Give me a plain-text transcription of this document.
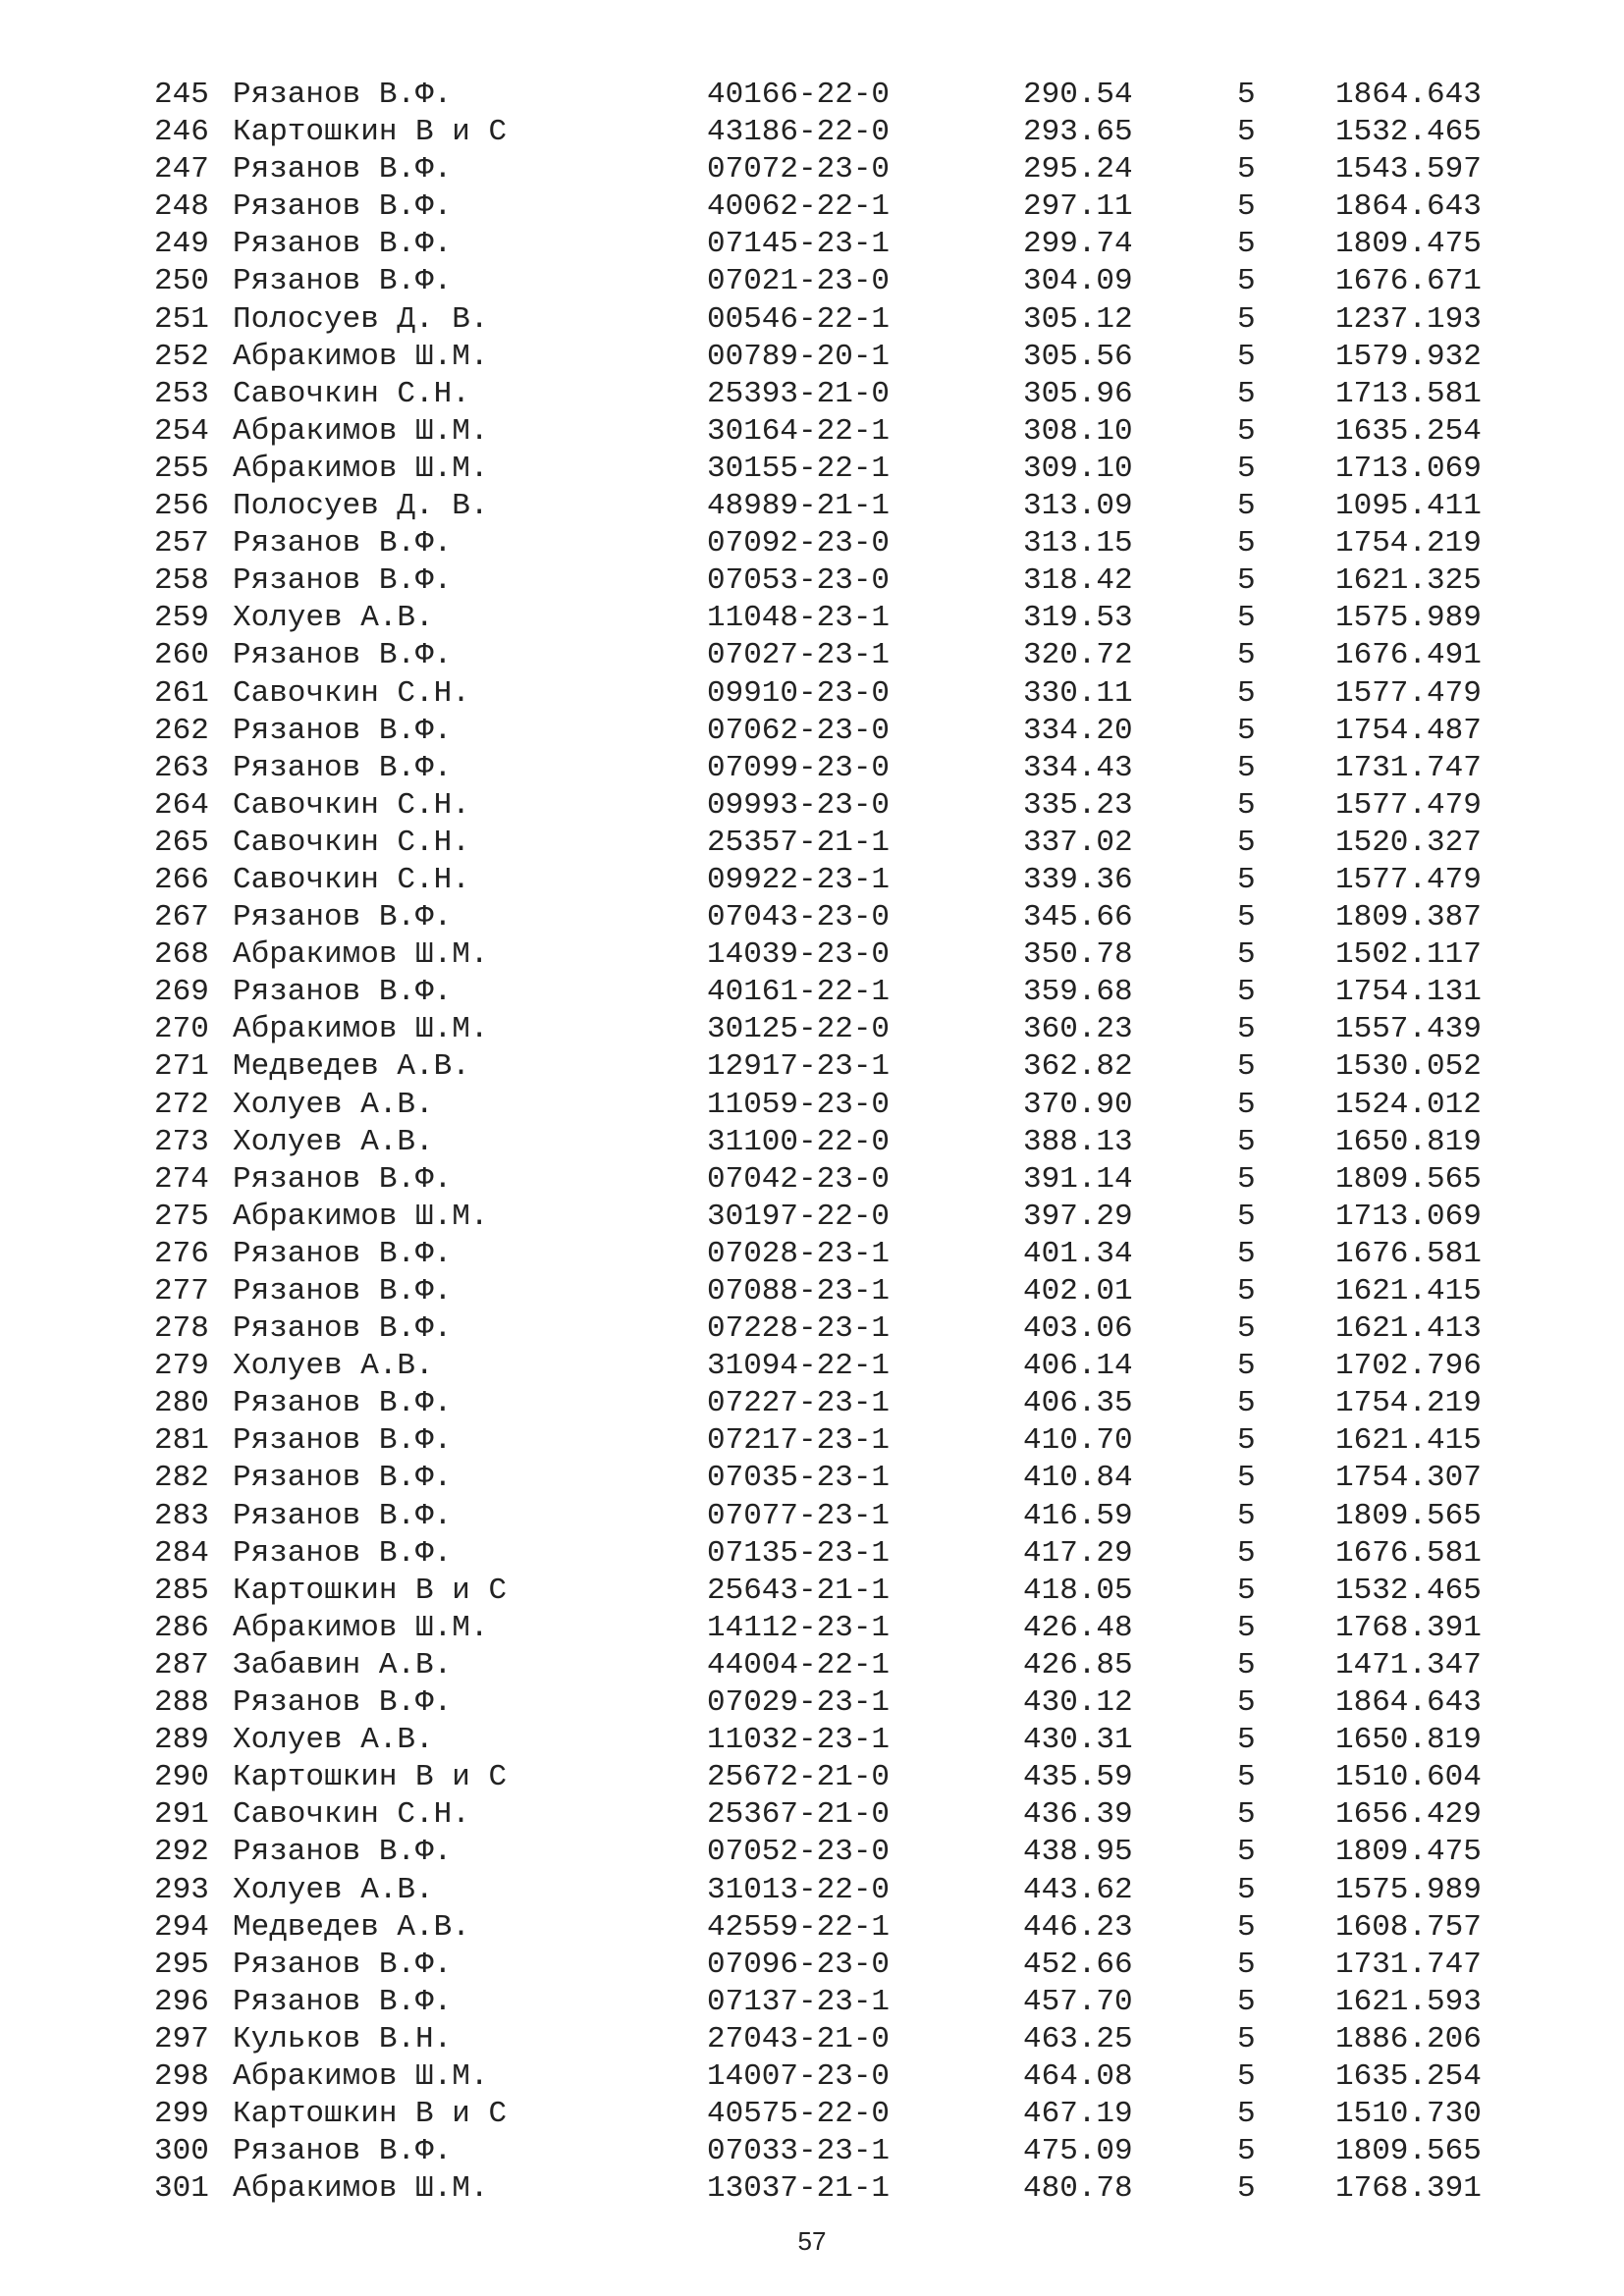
245 Рязанов В.Ф.	40166-22-0	290.54	5	1864.643
246 Картошкин В и С	43186-22-0	293.65	5	1532.465
247 Рязанов В.Ф.	07072-23-0	295.24	5	1543.597
248 Рязанов В.Ф.	40062-22-1	297.11	5	1864.643
249 Рязанов В.Ф.	07145-23-1	299.74	5	1809.475
250 Рязанов В.Ф.	07021-23-0	304.09	5	1676.671
251 Полосуев Д. В.	00546-22-1	305.12	5	1237.193
252 Абракимов Ш.М.	00789-20-1	305.56	5	1579.932
253 Савочкин С.Н.	25393-21-0	305.96	5	1713.581
254 Абракимов Ш.М.	30164-22-1	308.10	5	1635.254
255 Абракимов Ш.М.	30155-22-1	309.10	5	1713.069
256 Полосуев Д. В.	48989-21-1	313.09	5	1095.411
257 Рязанов В.Ф.	07092-23-0	313.15	5	1754.219
258 Рязанов В.Ф.	07053-23-0	318.42	5	1621.325
259 Холуев А.В.	11048-23-1	319.53	5	1575.989
260 Рязанов В.Ф.	07027-23-1	320.72	5	1676.491
261 Савочкин С.Н.	09910-23-0	330.11	5	1577.479
262 Рязанов В.Ф.	07062-23-0	334.20	5	1754.487
263 Рязанов В.Ф.	07099-23-0	334.43	5	1731.747
264 Савочкин С.Н.	09993-23-0	335.23	5	1577.479
265 Савочкин С.Н.	25357-21-1	337.02	5	1520.327
266 Савочкин С.Н.	09922-23-1	339.36	5	1577.479
267 Рязанов В.Ф.	07043-23-0	345.66	5	1809.387
268 Абракимов Ш.М.	14039-23-0	350.78	5	1502.117
269 Рязанов В.Ф.	40161-22-1	359.68	5	1754.131
270 Абракимов Ш.М.	30125-22-0	360.23	5	1557.439
271 Медведев А.В.	12917-23-1	362.82	5	1530.052
272 Холуев А.В.	11059-23-0	370.90	5	1524.012
273 Холуев А.В.	31100-22-0	388.13	5	1650.819
274 Рязанов В.Ф.	07042-23-0	391.14	5	1809.565
275 Абракимов Ш.М.	30197-22-0	397.29	5	1713.069
276 Рязанов В.Ф.	07028-23-1	401.34	5	1676.581
277 Рязанов В.Ф.	07088-23-1	402.01	5	1621.415
278 Рязанов В.Ф.	07228-23-1	403.06	5	1621.413
279 Холуев А.В.	31094-22-1	406.14	5	1702.796
280 Рязанов В.Ф.	07227-23-1	406.35	5	1754.219
281 Рязанов В.Ф.	07217-23-1	410.70	5	1621.415
282 Рязанов В.Ф.	07035-23-1	410.84	5	1754.307
283 Рязанов В.Ф.	07077-23-1	416.59	5	1809.565
284 Рязанов В.Ф.	07135-23-1	417.29	5	1676.581
285 Картошкин В и С	25643-21-1	418.05	5	1532.465
286 Абракимов Ш.М.	14112-23-1	426.48	5	1768.391
287 Забавин А.В.	44004-22-1	426.85	5	1471.347
288 Рязанов В.Ф.	07029-23-1	430.12	5	1864.643
289 Холуев А.В.	11032-23-1	430.31	5	1650.819
290 Картошкин В и С	25672-21-0	435.59	5	1510.604
291 Савочкин С.Н.	25367-21-0	436.39	5	1656.429
292 Рязанов В.Ф.	07052-23-0	438.95	5	1809.475
293 Холуев А.В.	31013-22-0	443.62	5	1575.989
294 Медведев А.В.	42559-22-1	446.23	5	1608.757
295 Рязанов В.Ф.	07096-23-0	452.66	5	1731.747
296 Рязанов В.Ф.	07137-23-1	457.70	5	1621.593
297 Кульков В.Н.	27043-21-0	463.25	5	1886.206
298 Абракимов Ш.М.	14007-23-0	464.08	5	1635.254
299 Картошкин В и С	40575-22-0	467.19	5	1510.730
300 Рязанов В.Ф.	07033-23-1	475.09	5	1809.565
301 Абракимов Ш.М.	13037-21-1	480.78	5	1768.391
57
